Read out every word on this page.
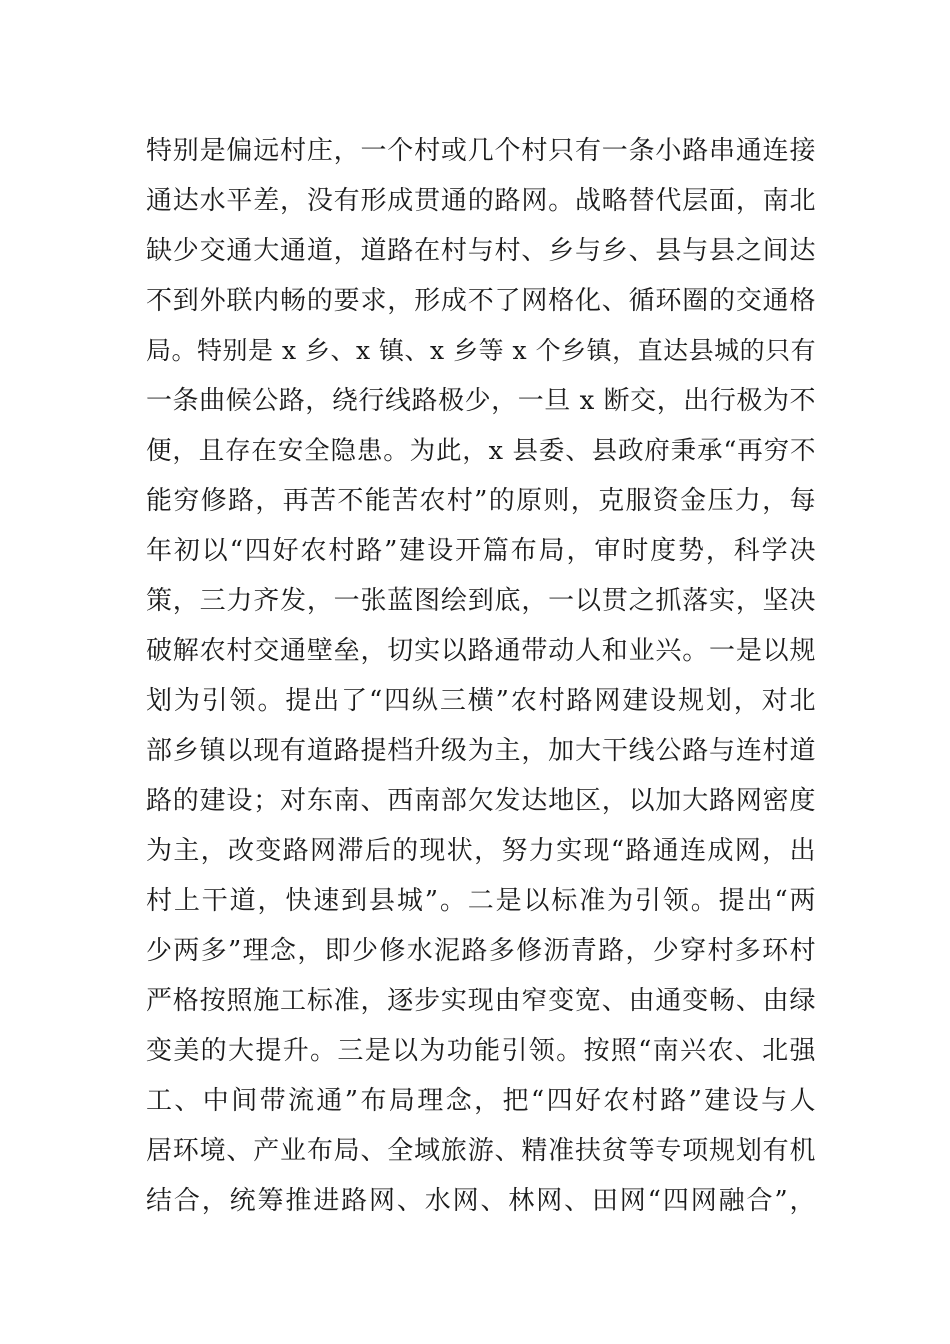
特别是偏远村庄，一个村或几个村只有一条小路串通连接
通达水平差，没有形成贯通的路网。战略替代层面，南北
缺少交通大通道，道路在村与村、乡与乡、县与县之间达
不到外联内畅的要求，形成不了网格化、循环圈的交通格
局。特别是 x 乡、x 镇、x 乡等 x 个乡镇，直达县城的只有
一条曲候公路，绕行线路极少，一旦 x 断交，出行极为不
便，且存在安全隐患。为此，x 县委、县政府秉承“再穷不
能穷修路，再苦不能苦农村”的原则，克服资金压力，每
年初以“四好农村路”建设开篇布局，审时度势，科学决
策，三力齐发，一张蓝图绘到底，一以贯之抓落实，坚决
破解农村交通壁垒，切实以路通带动人和业兴。一是以规
划为引领。提出了“四纵三横”农村路网建设规划，对北
部乡镇以现有道路提档升级为主，加大干线公路与连村道
路的建设；对东南、西南部欠发达地区，以加大路网密度
为主，改变路网滞后的现状，努力实现“路通连成网，出
村上干道，快速到县城”。二是以标准为引领。提出“两
少两多”理念，即少修水泥路多修沥青路，少穿村多环村
严格按照施工标准，逐步实现由窄变宽、由通变畅、由绿
变美的大提升。三是以为功能引领。按照“南兴农、北强
工、中间带流通”布局理念，把“四好农村路”建设与人
居环境、产业布局、全域旅游、精准扶贫等专项规划有机
结合，统筹推进路网、水网、林网、田网“四网融合”，
